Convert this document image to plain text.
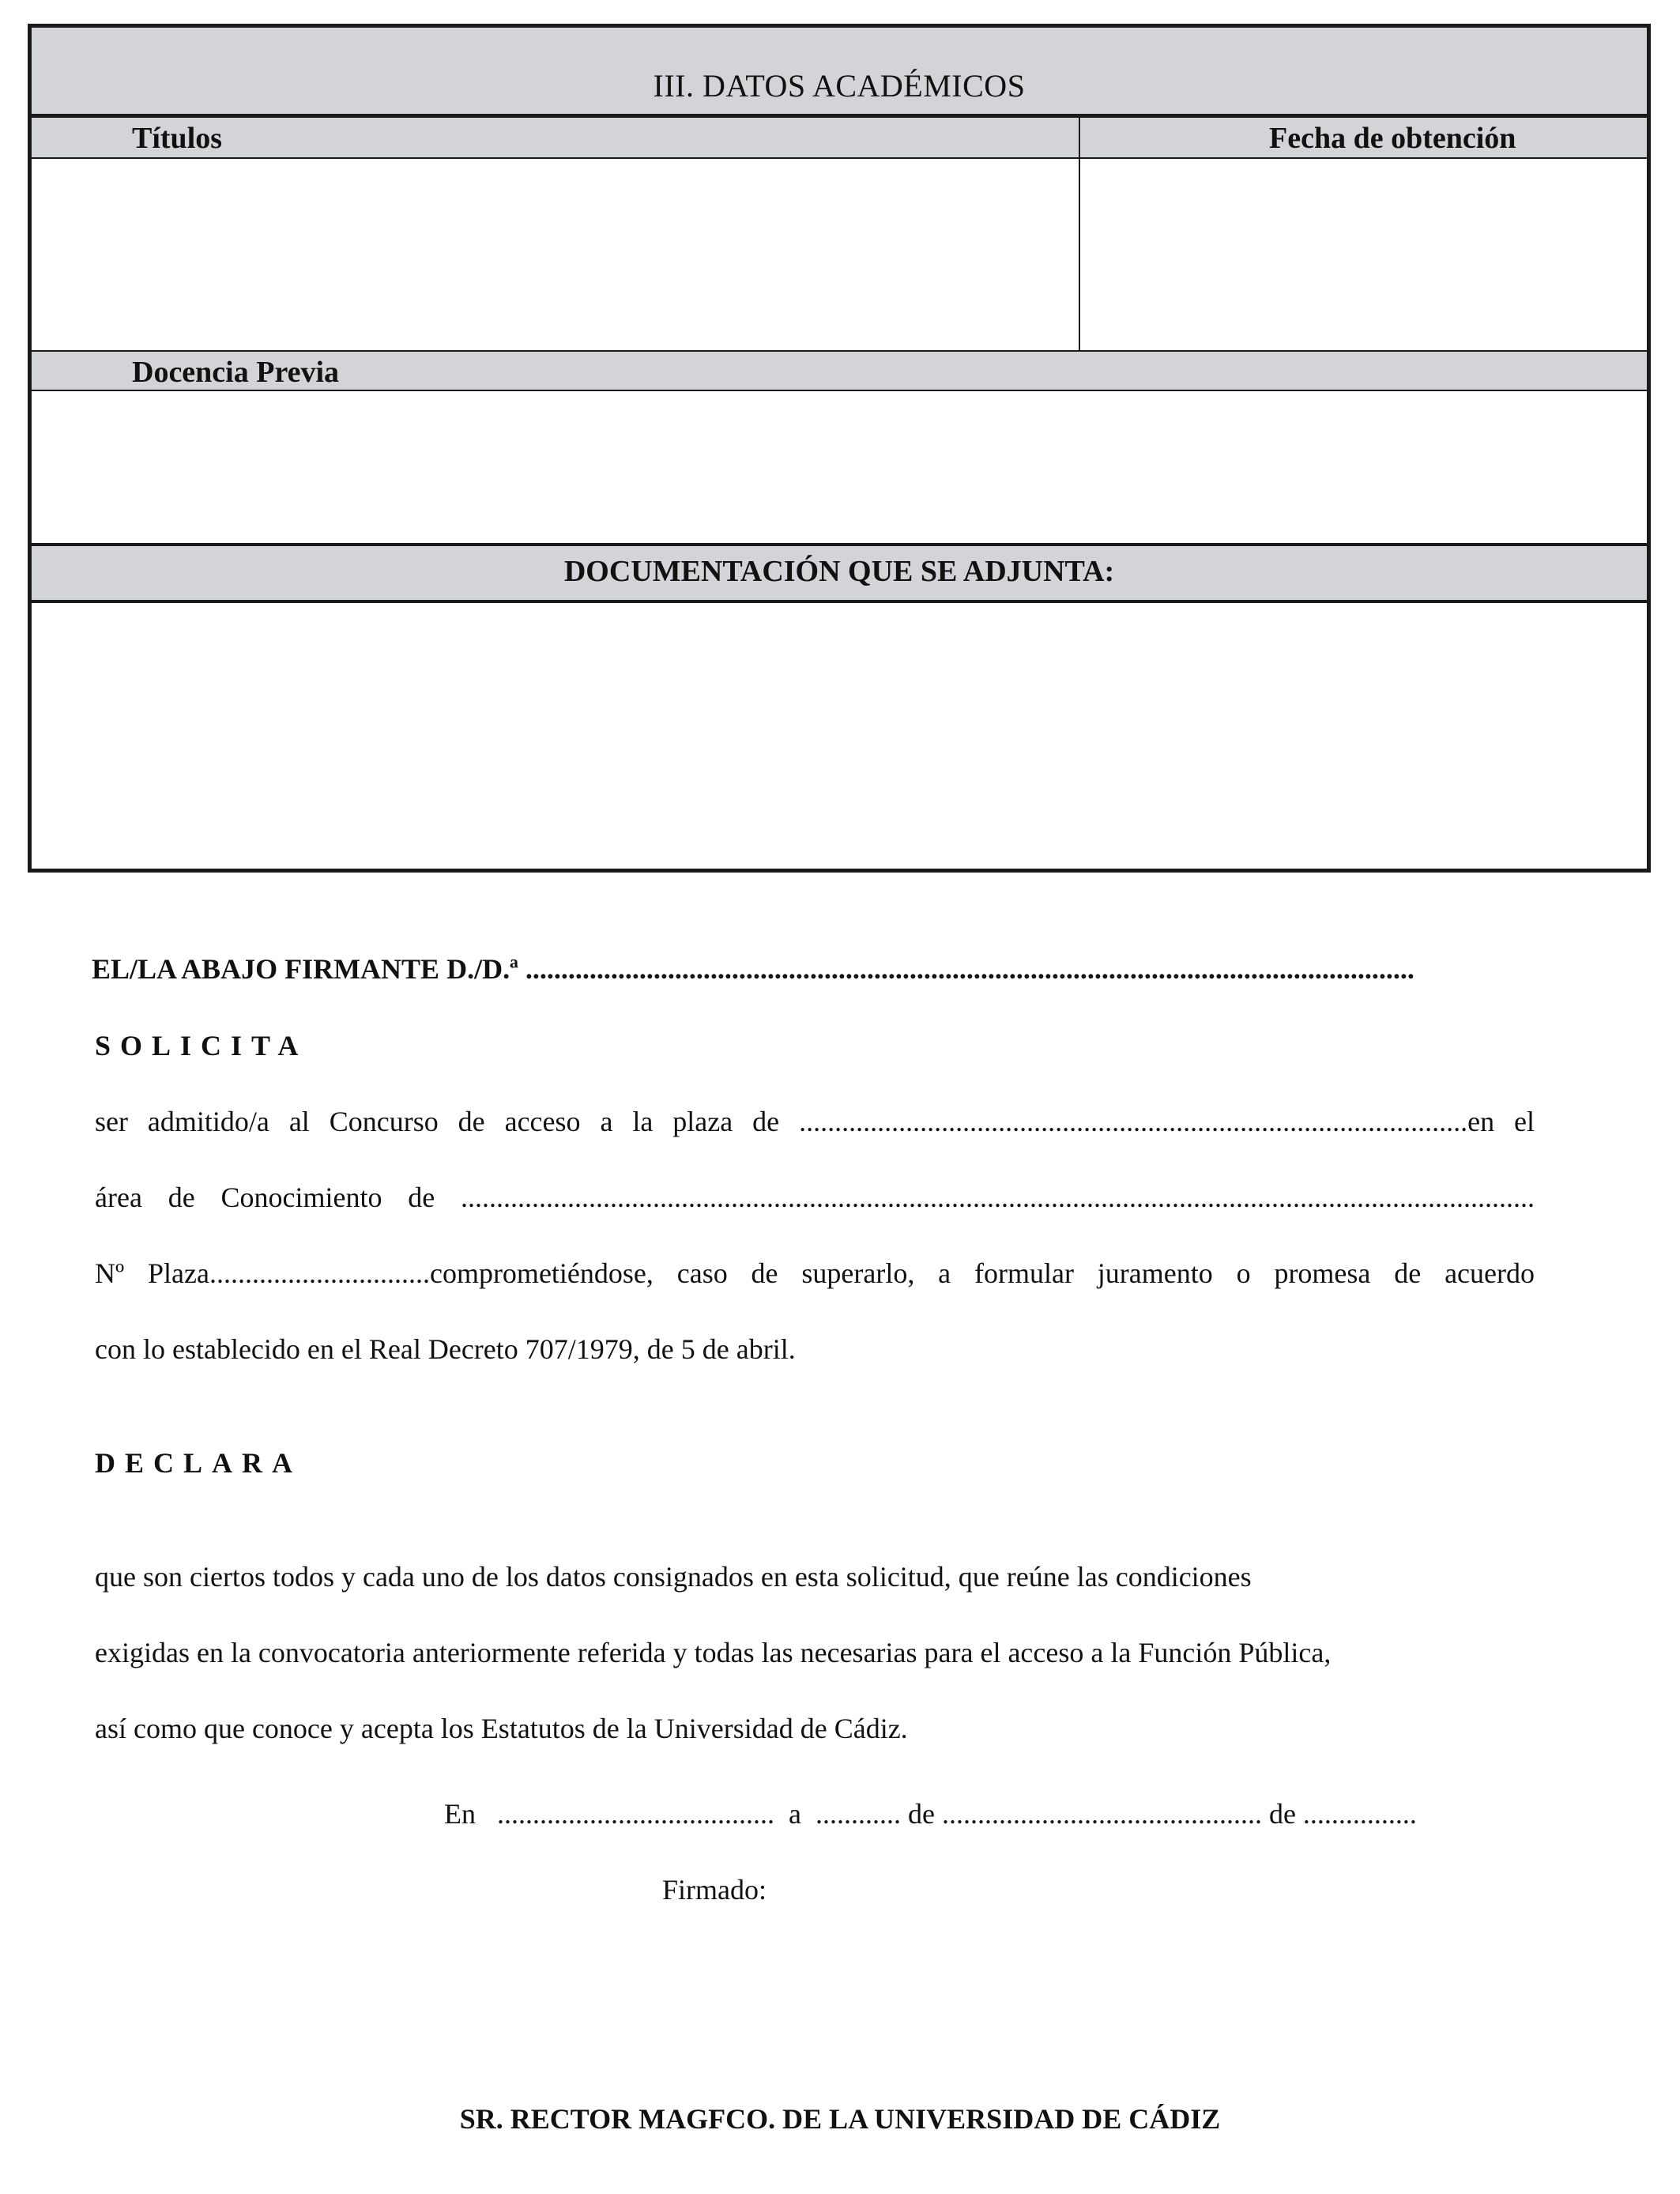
III. DATOS ACADÉMICOS
Títulos	Fecha de obtención
Docencia Previa
DOCUMENTACIÓN QUE SE ADJUNTA:
EL/LA ABAJO FIRMANTE D./D.ª .............................................................................................................................
SOLICITA
ser admitido/a al Concurso de acceso a la plaza de ..............................................................................................en el
área de Conocimiento de .......................................................................................................................................................
Nº Plaza...............................comprometiéndose, caso de superarlo, a formular juramento o promesa de acuerdo
con lo establecido en el Real Decreto 707/1979, de 5 de abril.
DECLARA
que son ciertos todos y cada uno de los datos consignados en esta solicitud, que reúne las condiciones
exigidas en la convocatoria anteriormente referida y todas las necesarias para el acceso a la Función Pública,
así como que conoce y acepta los Estatutos de la Universidad de Cádiz.
En   .......................................  a  ............ de ............................................. de ................
Firmado:
SR. RECTOR MAGFCO. DE LA UNIVERSIDAD DE CÁDIZ
